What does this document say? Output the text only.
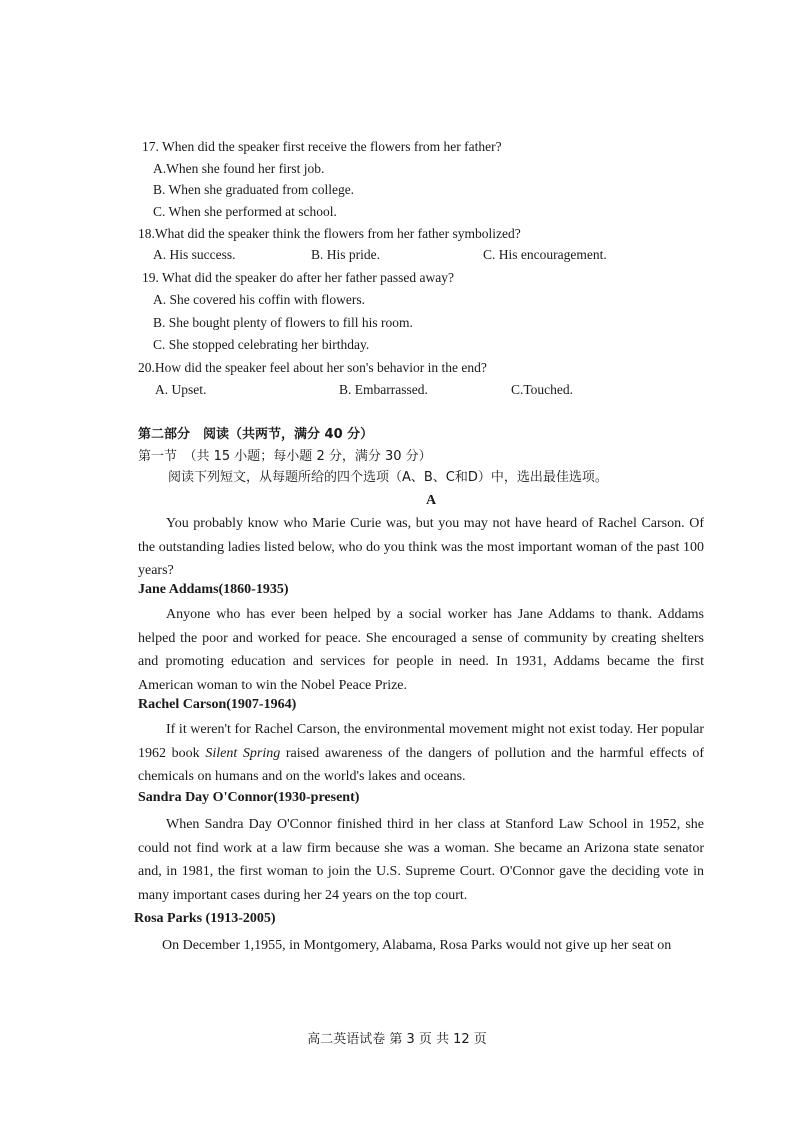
17. When did the speaker first receive the flowers from her father?
A.When she found her first job.
B. When she graduated from college.
C. When she performed at school.
18.What did the speaker think the flowers from her father symbolized?
A. His success.	B. His pride.	C. His encouragement.
19. What did the speaker do after her father passed away?
A. She covered his coffin with flowers.
B. She bought plenty of flowers to fill his room.
C. She stopped celebrating her birthday.
20.How did the speaker feel about her son's behavior in the end?
A. Upset.	B. Embarrassed.	C.Touched.
第二部分　阅读（共两节，满分 40 分）
第一节　（共 15 小题；每小题 2 分，满分 30 分）
阅读下列短文，从每题所给的四个选项（A、B、C和D）中，选出最佳选项。
A

You probably know who Marie Curie was, but you may not have heard of Rachel Carson. Of the outstanding ladies listed below, who do you think was the most important woman of the past 100 years?

Jane Addams(1860-1935)

Anyone who has ever been helped by a social worker has Jane Addams to thank. Addams helped the poor and worked for peace. She encouraged a sense of community by creating shelters and promoting education and services for people in need. In 1931, Addams became the first American woman to win the Nobel Peace Prize.

Rachel Carson(1907-1964)

If it weren't for Rachel Carson, the environmental movement might not exist today. Her popular 1962 book Silent Spring raised awareness of the dangers of pollution and the harmful effects of chemicals on humans and on the world's lakes and oceans.

Sandra Day O'Connor(1930-present)

When Sandra Day O'Connor finished third in her class at Stanford Law School in 1952, she could not find work at a law firm because she was a woman. She became an Arizona state senator and, in 1981, the first woman to join the U.S. Supreme Court. O'Connor gave the deciding vote in many important cases during her 24 years on the top court.

Rosa Parks (1913-2005)

On December 1,1955, in Montgomery, Alabama, Rosa Parks would not give up her seat on

高二英语试卷 第 3 页 共 12 页
